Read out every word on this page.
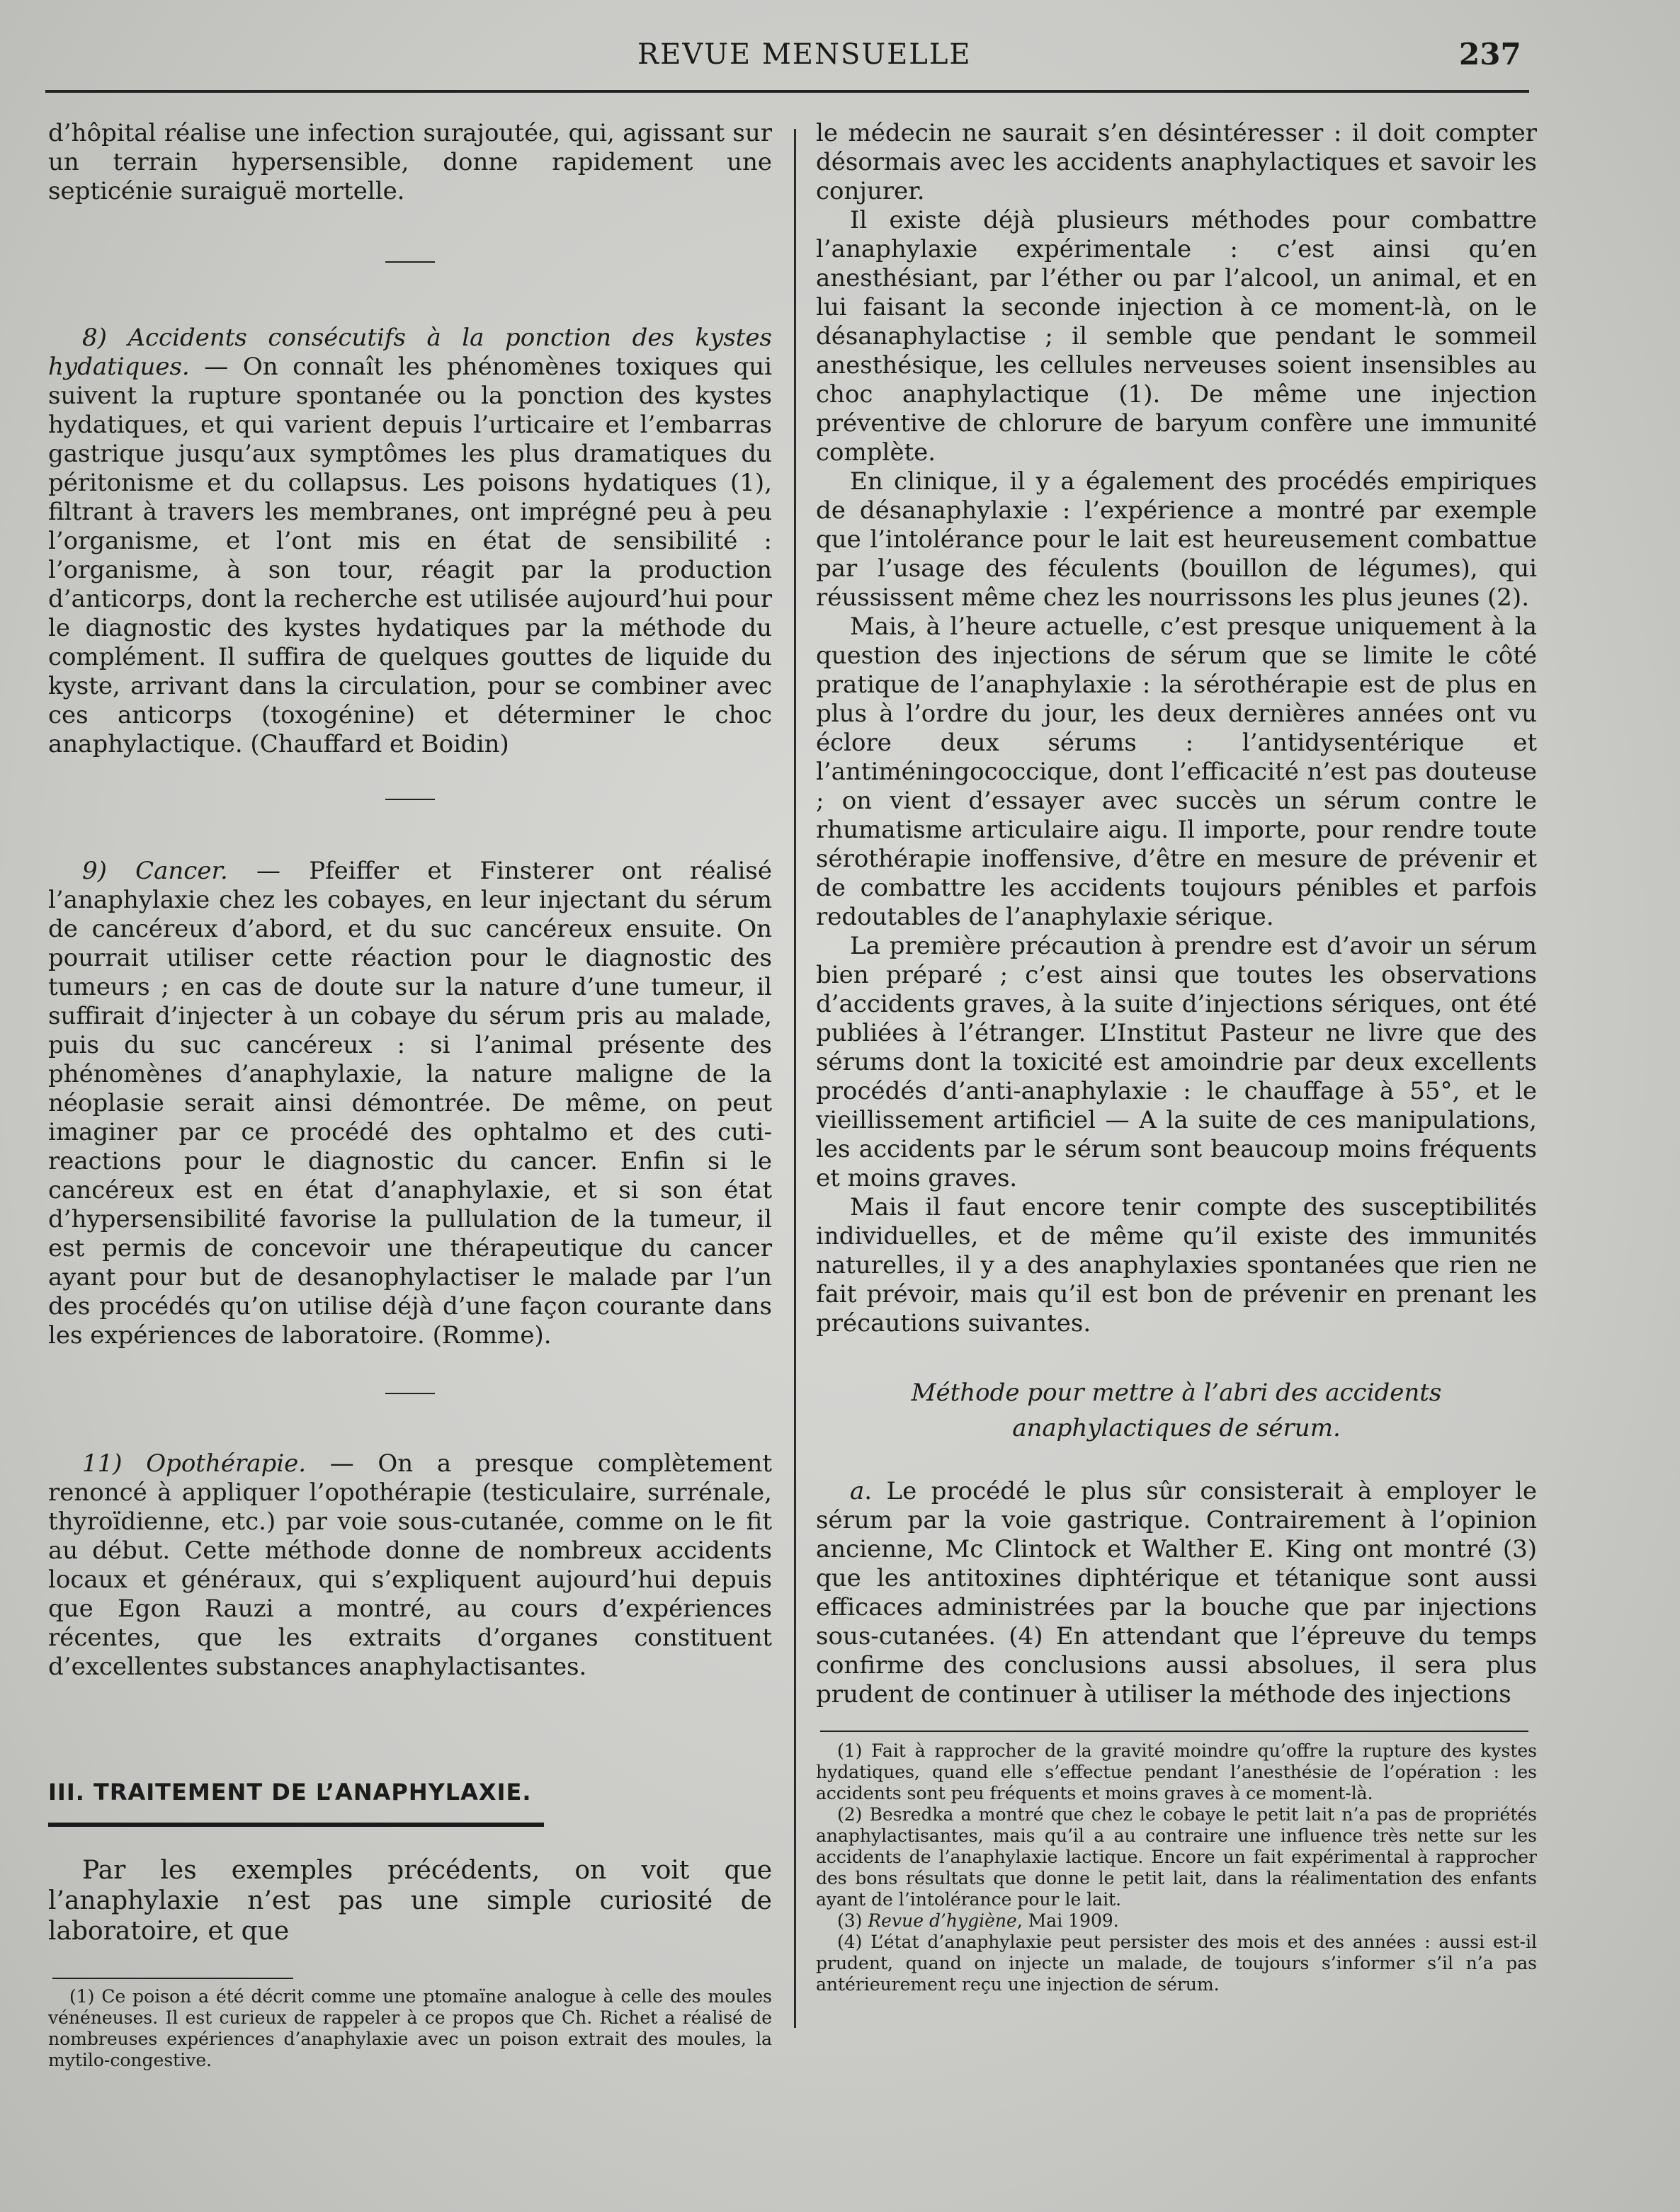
REVUE MENSUELLE	237

d’hôpital réalise une infection surajoutée, qui, agissant sur un terrain hypersensible, donne rapidement une septicénie suraiguë mortelle.

8) Accidents consécutifs à la ponction des kystes hydatiques. — On connaît les phénomènes toxiques qui suivent la rupture spontanée ou la ponction des kystes hydatiques, et qui varient depuis l’urticaire et l’embarras gastrique jusqu’aux symptômes les plus dramatiques du péritonisme et du collapsus. Les poisons hydatiques (1), filtrant à travers les membranes, ont imprégné peu à peu l’organisme, et l’ont mis en état de sensibilité : l’organisme, à son tour, réagit par la production d’anticorps, dont la recherche est utilisée aujourd’hui pour le diagnostic des kystes hydatiques par la méthode du complément. Il suffira de quelques gouttes de liquide du kyste, arrivant dans la circulation, pour se combiner avec ces anticorps (toxogénine) et déterminer le choc anaphylactique. (Chauffard et Boidin)

9) Cancer. — Pfeiffer et Finsterer ont réalisé l’anaphylaxie chez les cobayes, en leur injectant du sérum de cancéreux d’abord, et du suc cancéreux ensuite. On pourrait utiliser cette réaction pour le diagnostic des tumeurs ; en cas de doute sur la nature d’une tumeur, il suffirait d’injecter à un cobaye du sérum pris au malade, puis du suc cancéreux : si l’animal présente des phénomènes d’anaphylaxie, la nature maligne de la néoplasie serait ainsi démontrée. De même, on peut imaginer par ce procédé des ophtalmo et des cuti-reactions pour le diagnostic du cancer. Enfin si le cancéreux est en état d’anaphylaxie, et si son état d’hypersensibilité favorise la pullulation de la tumeur, il est permis de concevoir une thérapeutique du cancer ayant pour but de desanophylactiser le malade par l’un des procédés qu’on utilise déjà d’une façon courante dans les expériences de laboratoire. (Romme).

11) Opothérapie. — On a presque complètement renoncé à appliquer l’opothérapie (testiculaire, surrénale, thyroïdienne, etc.) par voie sous-cutanée, comme on le fit au début. Cette méthode donne de nombreux accidents locaux et généraux, qui s’expliquent aujourd’hui depuis que Egon Rauzi a montré, au cours d’expériences récentes, que les extraits d’organes constituent d’excellentes substances anaphylactisantes.

III. TRAITEMENT DE L’ANAPHYLAXIE.

Par les exemples précédents, on voit que l’anaphylaxie n’est pas une simple curiosité de laboratoire, et que

(1) Ce poison a été décrit comme une ptomaïne analogue à celle des moules vénéneuses. Il est curieux de rappeler à ce propos que Ch. Richet a réalisé de nombreuses expériences d’anaphylaxie avec un poison extrait des moules, la mytilo-congestive.

le médecin ne saurait s’en désintéresser : il doit compter désormais avec les accidents anaphylactiques et savoir les conjurer.

Il existe déjà plusieurs méthodes pour combattre l’anaphylaxie expérimentale : c’est ainsi qu’en anesthésiant, par l’éther ou par l’alcool, un animal, et en lui faisant la seconde injection à ce moment-là, on le désanaphylactise ; il semble que pendant le sommeil anesthésique, les cellules nerveuses soient insensibles au choc anaphylactique (1). De même une injection préventive de chlorure de baryum confère une immunité complète.

En clinique, il y a également des procédés empiriques de désanaphylaxie : l’expérience a montré par exemple que l’intolérance pour le lait est heureusement combattue par l’usage des féculents (bouillon de légumes), qui réussissent même chez les nourrissons les plus jeunes (2).

Mais, à l’heure actuelle, c’est presque uniquement à la question des injections de sérum que se limite le côté pratique de l’anaphylaxie : la sérothérapie est de plus en plus à l’ordre du jour, les deux dernières années ont vu éclore deux sérums : l’antidysentérique et l’antiméningococcique, dont l’efficacité n’est pas douteuse ; on vient d’essayer avec succès un sérum contre le rhumatisme articulaire aigu. Il importe, pour rendre toute sérothérapie inoffensive, d’être en mesure de prévenir et de combattre les accidents toujours pénibles et parfois redoutables de l’anaphylaxie sérique.

La première précaution à prendre est d’avoir un sérum bien préparé ; c’est ainsi que toutes les observations d’accidents graves, à la suite d’injections sériques, ont été publiées à l’étranger. L’Institut Pasteur ne livre que des sérums dont la toxicité est amoindrie par deux excellents procédés d’anti-anaphylaxie : le chauffage à 55°, et le vieillissement artificiel — A la suite de ces manipulations, les accidents par le sérum sont beaucoup moins fréquents et moins graves.

Mais il faut encore tenir compte des susceptibilités individuelles, et de même qu’il existe des immunités naturelles, il y a des anaphylaxies spontanées que rien ne fait prévoir, mais qu’il est bon de prévenir en prenant les précautions suivantes.

Méthode pour mettre à l’abri des accidents
anaphylactiques de sérum.

a. Le procédé le plus sûr consisterait à employer le sérum par la voie gastrique. Contrairement à l’opinion ancienne, Mc Clintock et Walther E. King ont montré (3) que les antitoxines diphtérique et tétanique sont aussi efficaces administrées par la bouche que par injections sous-cutanées. (4) En attendant que l’épreuve du temps confirme des conclusions aussi absolues, il sera plus prudent de continuer à utiliser la méthode des injections

(1) Fait à rapprocher de la gravité moindre qu’offre la rupture des kystes hydatiques, quand elle s’effectue pendant l’anesthésie de l’opération : les accidents sont peu fréquents et moins graves à ce moment-là.

(2) Besredka a montré que chez le cobaye le petit lait n’a pas de propriétés anaphylactisantes, mais qu’il a au contraire une influence très nette sur les accidents de l’anaphylaxie lactique. Encore un fait expérimental à rapprocher des bons résultats que donne le petit lait, dans la réalimentation des enfants ayant de l’intolérance pour le lait.

(3) Revue d’hygiène, Mai 1909.

(4) L’état d’anaphylaxie peut persister des mois et des années : aussi est-il prudent, quand on injecte un malade, de toujours s’informer s’il n’a pas antérieurement reçu une injection de sérum.
